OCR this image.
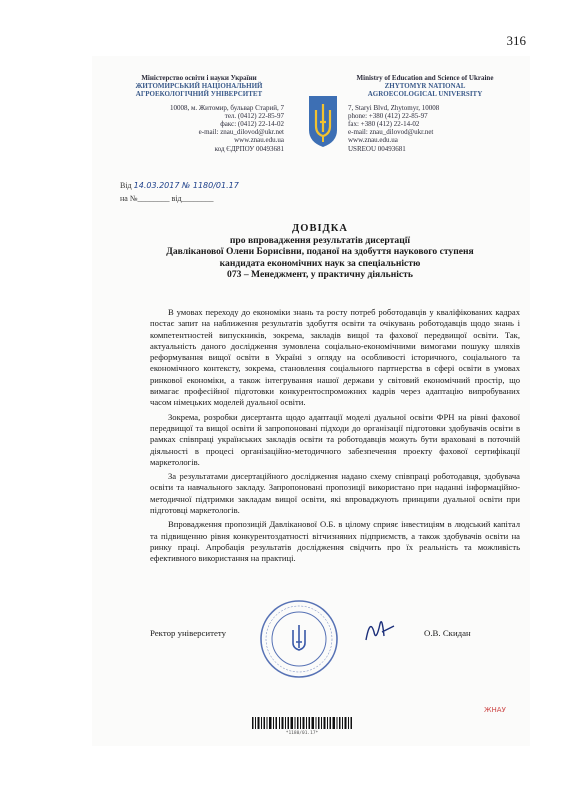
316
Міністерство освіти і науки України
ЖИТОМИРСЬКИЙ НАЦІОНАЛЬНИЙ
АГРОЕКОЛОГІЧНИЙ УНІВЕРСИТЕТ
10008, м. Житомир, бульвар Старий, 7
тел. (0412) 22-85-97
факс: (0412) 22-14-02
e-mail: znau_dilovod@ukr.net
www.znau.edu.ua
код ЄДРПОУ 00493681
Ministry of Education and Science of Ukraine
ZHYTOMYR NATIONAL
AGROECOLOGICAL UNIVERSITY
7, Staryi Blvd, Zhytomyr, 10008
phone: +380 (412) 22-85-97
fax: +380 (412) 22-14-02
e-mail: znau_dilovod@ukr.net
www.znau.edu.ua
USREOU 00493681
Від 14.03.2017 № 1180/01.17
на №________ від________
ДОВІДКА
про впровадження результатів дисертації
Давліканової Олени Борисівни, поданої на здобуття наукового ступеня
кандидата економічних наук за спеціальністю
073 – Менеджмент, у практичну діяльність

В умовах переходу до економіки знань та росту потреб роботодавців у кваліфікованих кадрах постає запит на наближення результатів здобуття освіти та очікувань роботодавців щодо знань і компетентностей випускників, зокрема, закладів вищої та фахової передвищої освіти. Так, актуальність даного дослідження зумовлена соціально-економічними вимогами пошуку шляхів реформування вищої освіти в Україні з огляду на особливості історичного, соціального та економічного контексту, зокрема, становлення соціального партнерства в сфері освіти в умовах ринкової економіки, а також інтегрування нашої держави у світовий економічний простір, що вимагає професійної підготовки конкурентоспроможних кадрів через адаптацію випробуваних часом німецьких моделей дуальної освіти.

Зокрема, розробки дисертанта щодо адаптації моделі дуальної освіти ФРН на рівні фахової передвищої та вищої освіти й запропоновані підходи до організації підготовки здобувачів освіти в рамках співпраці українських закладів освіти та роботодавців можуть бути враховані в поточній діяльності в процесі організаційно-методичного забезпечення проекту фахової сертифікації маркетологів.

За результатами дисертаційного дослідження надано схему співпраці роботодавця, здобувача освіти та навчального закладу. Запропоновані пропозиції використано при наданні інформаційно-методичної підтримки закладам вищої освіти, які впроваджують принципи дуальної освіти при підготовці маркетологів.

Впровадження пропозицій Давліканової О.Б. в цілому сприяє інвестиціям в людський капітал та підвищенню рівня конкурентоздатності вітчизняних підприємств, а також здобувачів освіти на ринку праці. Апробація результатів дослідження свідчить про їх реальність та можливість ефективного використання на практиці.

Ректор університету	О.В. Скидан
*1180/01.17*
ЖНАУ
